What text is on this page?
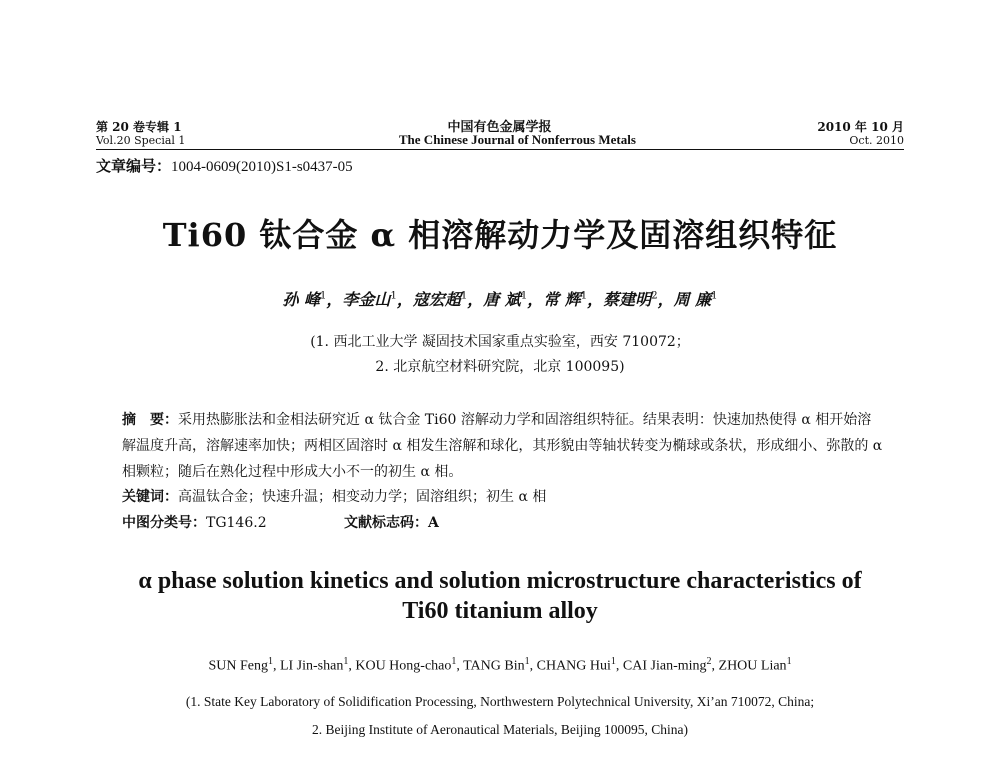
第 20 卷专辑 1	中国有色金属学报	2010 年 10 月
Vol.20 Special 1	The Chinese Journal of Nonferrous Metals	Oct. 2010
文章编号：1004-0609(2010)S1-s0437-05
Ti60 钛合金 α 相溶解动力学及固溶组织特征
孙 峰$^1$，李金山$^1$，寇宏超$^1$，唐 斌$^1$，常 辉$^1$，蔡建明$^2$，周 廉$^1$
(1. 西北工业大学 凝固技术国家重点实验室，西安 710072；
2. 北京航空材料研究院，北京 100095)
摘　要：采用热膨胀法和金相法研究近 α 钛合金 Ti60 溶解动力学和固溶组织特征。结果表明：快速加热使得 α 相开始溶解温度升高，溶解速率加快；两相区固溶时 α 相发生溶解和球化，其形貌由等轴状转变为椭球或条状，形成细小、弥散的 α 相颗粒；随后在熟化过程中形成大小不一的初生 α 相。
关键词：高温钛合金；快速升温；相变动力学；固溶组织；初生 α 相
中图分类号：TG146.2	文献标志码：A
α phase solution kinetics and solution microstructure characteristics of
Ti60 titanium alloy
SUN Feng$^1$, LI Jin-shan$^1$, KOU Hong-chao$^1$, TANG Bin$^1$, CHANG Hui$^1$, CAI Jian-ming$^2$, ZHOU Lian$^1$
(1. State Key Laboratory of Solidification Processing, Northwestern Polytechnical University, Xi’an 710072, China;
2. Beijing Institute of Aeronautical Materials, Beijing 100095, China)
